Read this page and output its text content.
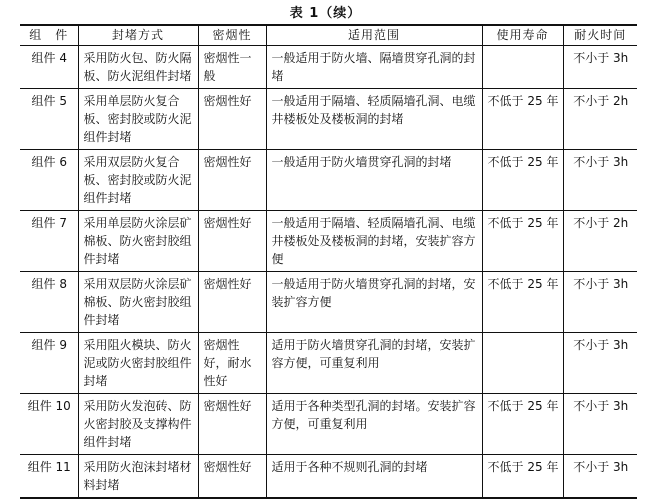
表 1（续）
组　件	封堵方式	密烟性	适用范围	使用寿命	耐火时间
组件 4	采用防火包、防火隔板、防火泥组件封堵	密烟性一般	一般适用于防火墙、隔墙贯穿孔洞的封堵		不小于 3h
组件 5	采用单层防火复合板、密封胶或防火泥组件封堵	密烟性好	一般适用于隔墙、轻质隔墙孔洞、电缆井楼板处及楼板洞的封堵	不低于 25 年	不小于 2h
组件 6	采用双层防火复合板、密封胶或防火泥组件封堵	密烟性好	一般适用于防火墙贯穿孔洞的封堵	不低于 25 年	不小于 3h
组件 7	采用单层防火涂层矿棉板、防火密封胶组件封堵	密烟性好	一般适用于隔墙、轻质隔墙孔洞、电缆井楼板处及楼板洞的封堵，安装扩容方便	不低于 25 年	不小于 2h
组件 8	采用双层防火涂层矿棉板、防火密封胶组件封堵	密烟性好	一般适用于防火墙贯穿孔洞的封堵，安装扩容方便	不低于 25 年	不小于 3h
组件 9	采用阻火模块、防火泥或防火密封胶组件封堵	密烟性好，耐水性好	适用于防火墙贯穿孔洞的封堵，安装扩容方便，可重复利用		不小于 3h
组件 10	采用防火发泡砖、防火密封胶及支撑构件组件封堵	密烟性好	适用于各种类型孔洞的封堵。安装扩容方便，可重复利用	不低于 25 年	不小于 3h
组件 11	采用防火泡沫封堵材料封堵	密烟性好	适用于各种不规则孔洞的封堵	不低于 25 年	不小于 3h
